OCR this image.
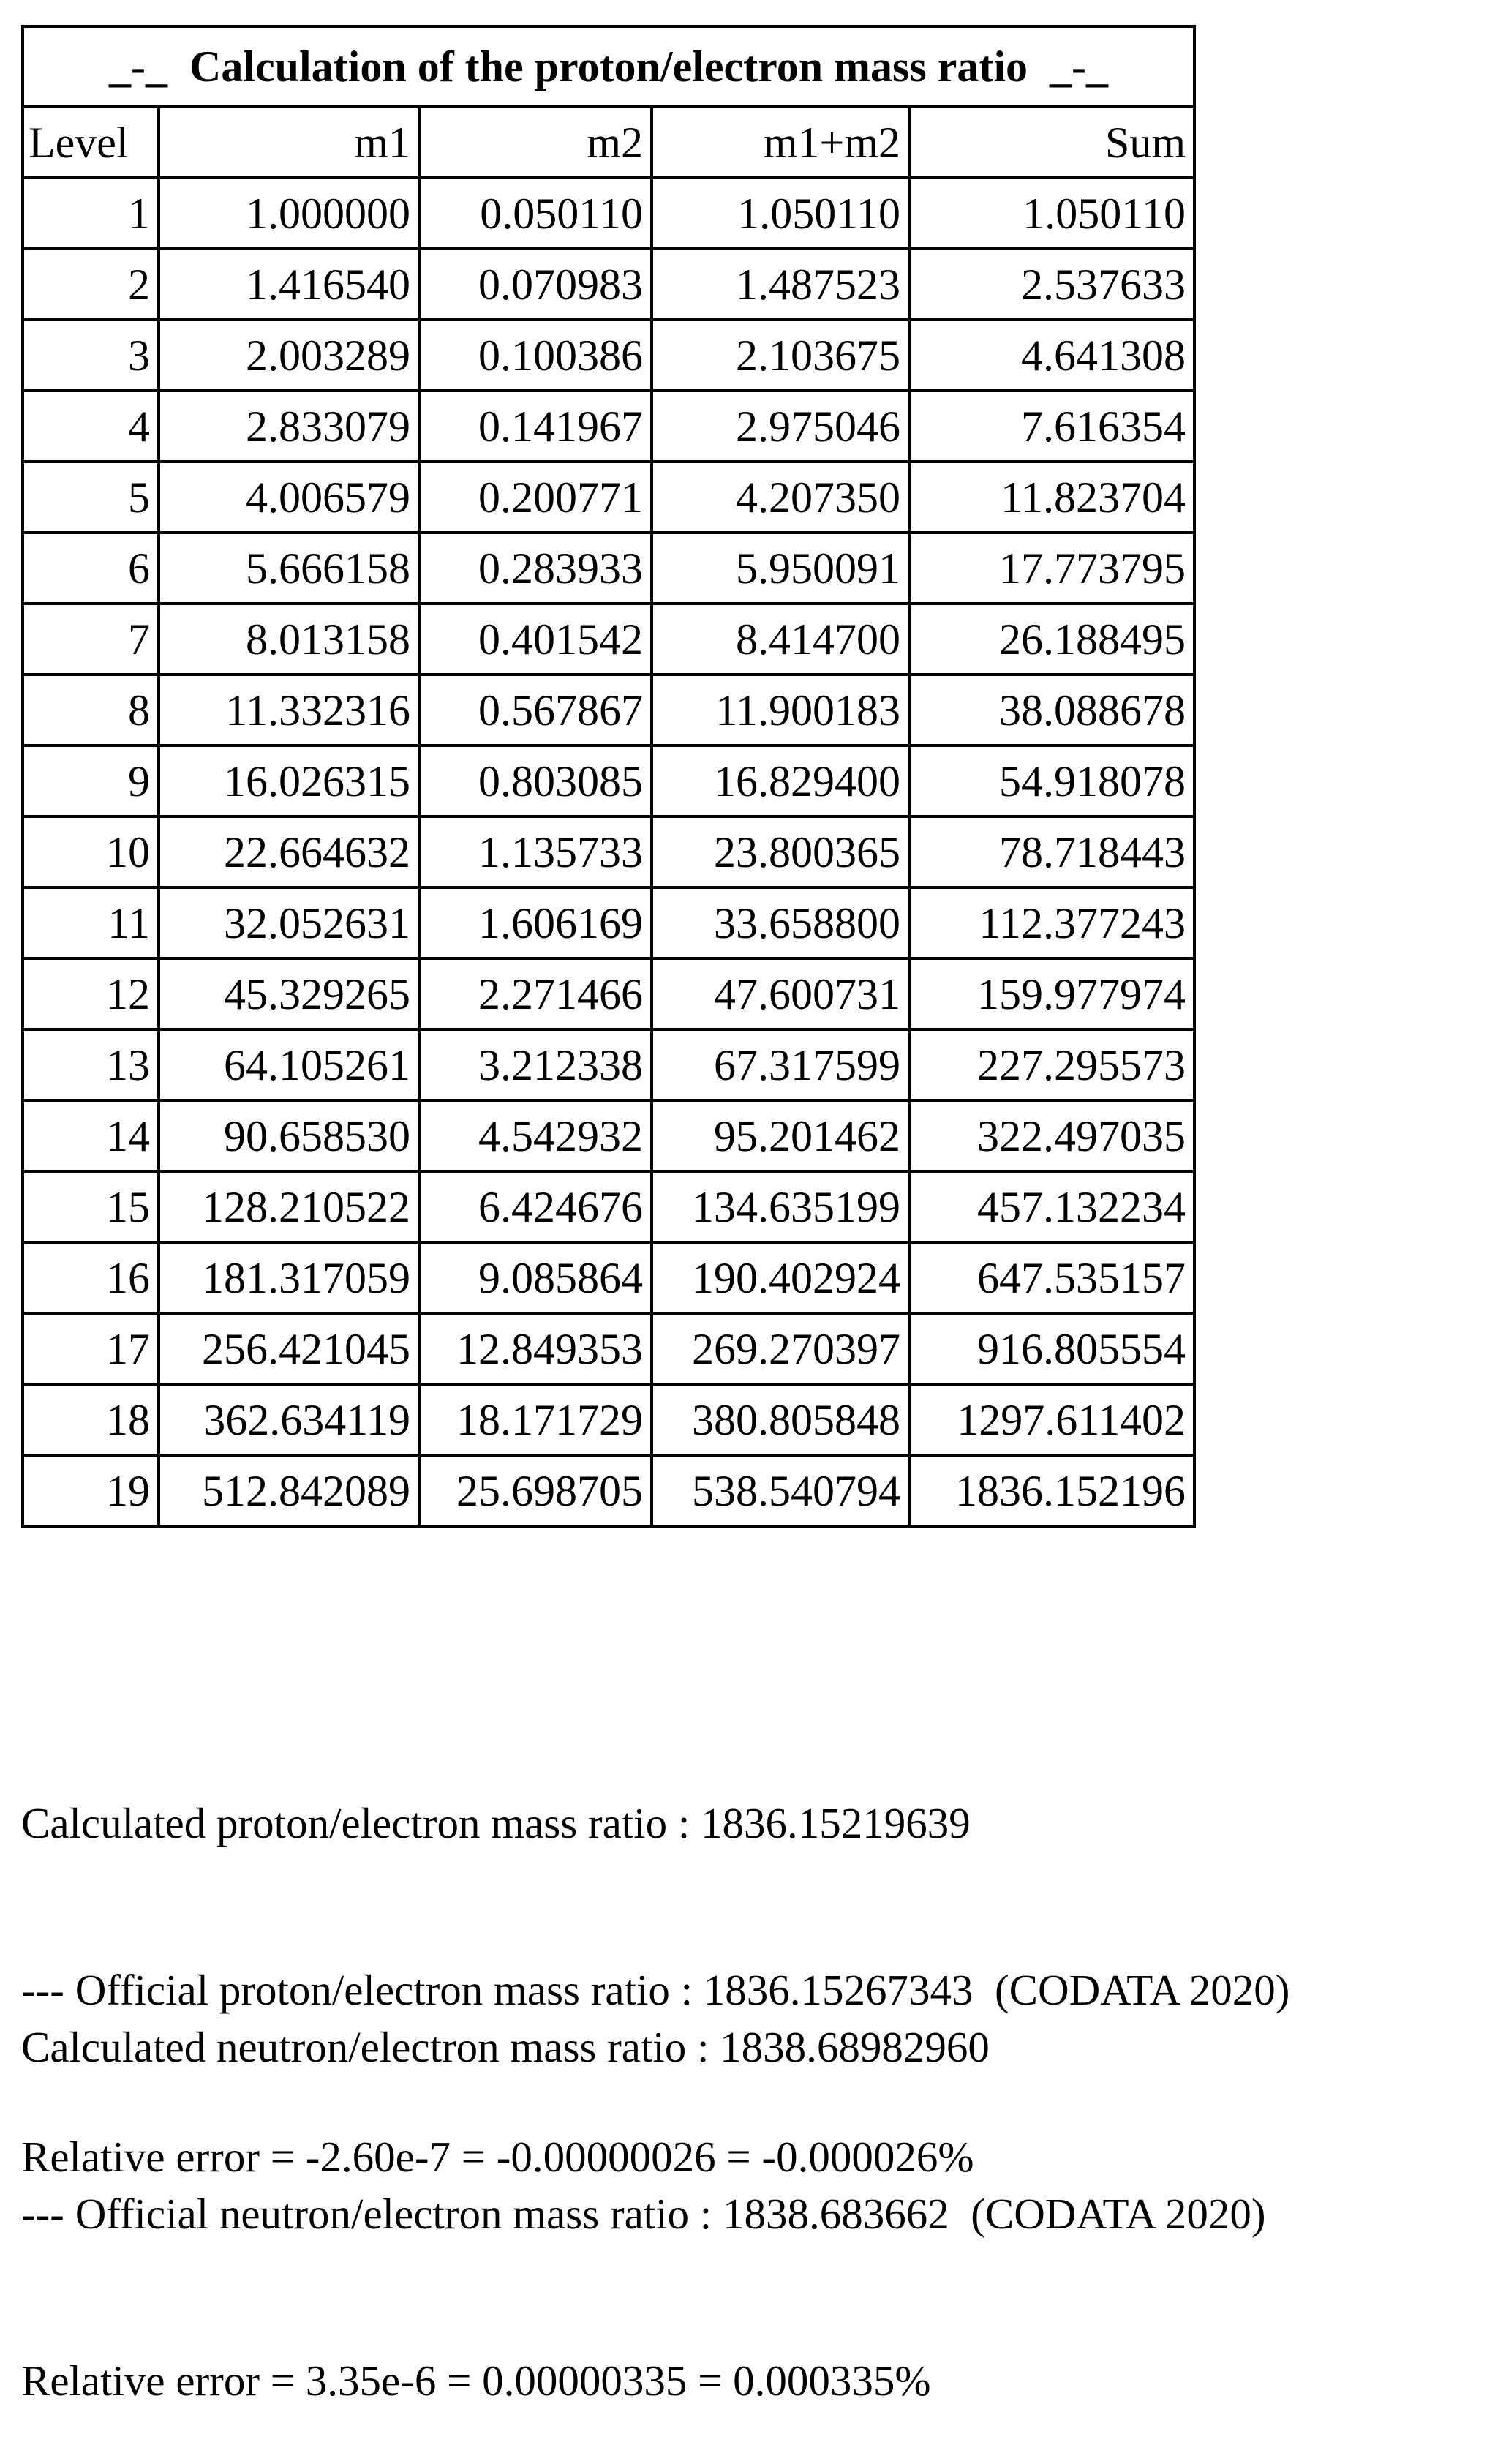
_-_  Calculation of the proton/electron mass ratio  _-_				
Level	m1	m2	m1+m2	Sum
1	1.000000	0.050110	1.050110	1.050110
2	1.416540	0.070983	1.487523	2.537633
3	2.003289	0.100386	2.103675	4.641308
4	2.833079	0.141967	2.975046	7.616354
5	4.006579	0.200771	4.207350	11.823704
6	5.666158	0.283933	5.950091	17.773795
7	8.013158	0.401542	8.414700	26.188495
8	11.332316	0.567867	11.900183	38.088678
9	16.026315	0.803085	16.829400	54.918078
10	22.664632	1.135733	23.800365	78.718443
11	32.052631	1.606169	33.658800	112.377243
12	45.329265	2.271466	47.600731	159.977974
13	64.105261	3.212338	67.317599	227.295573
14	90.658530	4.542932	95.201462	322.497035
15	128.210522	6.424676	134.635199	457.132234
16	181.317059	9.085864	190.402924	647.535157
17	256.421045	12.849353	269.270397	916.805554
18	362.634119	18.171729	380.805848	1297.611402
19	512.842089	25.698705	538.540794	1836.152196

Calculated proton/electron mass ratio : 1836.15219639

--- Official proton/electron mass ratio : 1836.15267343  (CODATA 2020)

Relative error = -2.60e-7 = -0.00000026 = -0.000026%

Calculated neutron/electron mass ratio : 1838.68982960

--- Official neutron/electron mass ratio : 1838.683662  (CODATA 2020)

Relative error = 3.35e-6 = 0.00000335 = 0.000335%
